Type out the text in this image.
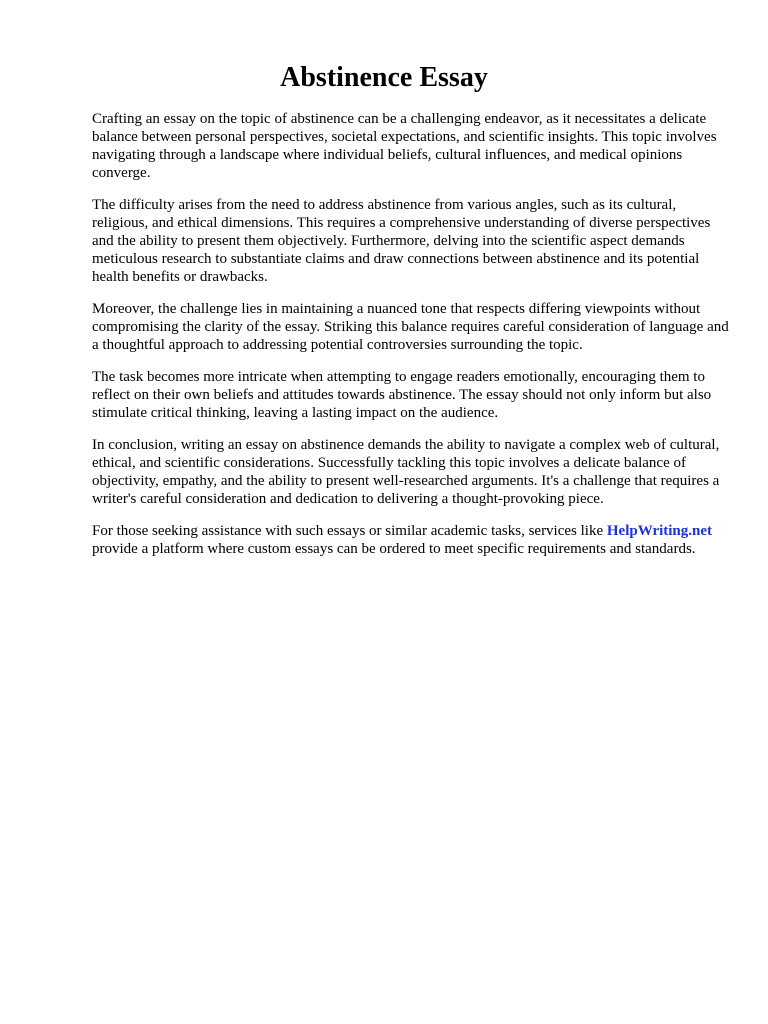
Abstinence Essay

Crafting an essay on the topic of abstinence can be a challenging endeavor, as it necessitates a delicate balance between personal perspectives, societal expectations, and scientific insights. This topic involves navigating through a landscape where individual beliefs, cultural influences, and medical opinions converge.

The difficulty arises from the need to address abstinence from various angles, such as its cultural, religious, and ethical dimensions. This requires a comprehensive understanding of diverse perspectives and the ability to present them objectively. Furthermore, delving into the scientific aspect demands meticulous research to substantiate claims and draw connections between abstinence and its potential health benefits or drawbacks.

Moreover, the challenge lies in maintaining a nuanced tone that respects differing viewpoints without compromising the clarity of the essay. Striking this balance requires careful consideration of language and a thoughtful approach to addressing potential controversies surrounding the topic.

The task becomes more intricate when attempting to engage readers emotionally, encouraging them to reflect on their own beliefs and attitudes towards abstinence. The essay should not only inform but also stimulate critical thinking, leaving a lasting impact on the audience.

In conclusion, writing an essay on abstinence demands the ability to navigate a complex web of cultural, ethical, and scientific considerations. Successfully tackling this topic involves a delicate balance of objectivity, empathy, and the ability to present well-researched arguments. It's a challenge that requires a writer's careful consideration and dedication to delivering a thought-provoking piece.

For those seeking assistance with such essays or similar academic tasks, services like HelpWriting.net provide a platform where custom essays can be ordered to meet specific requirements and standards.
